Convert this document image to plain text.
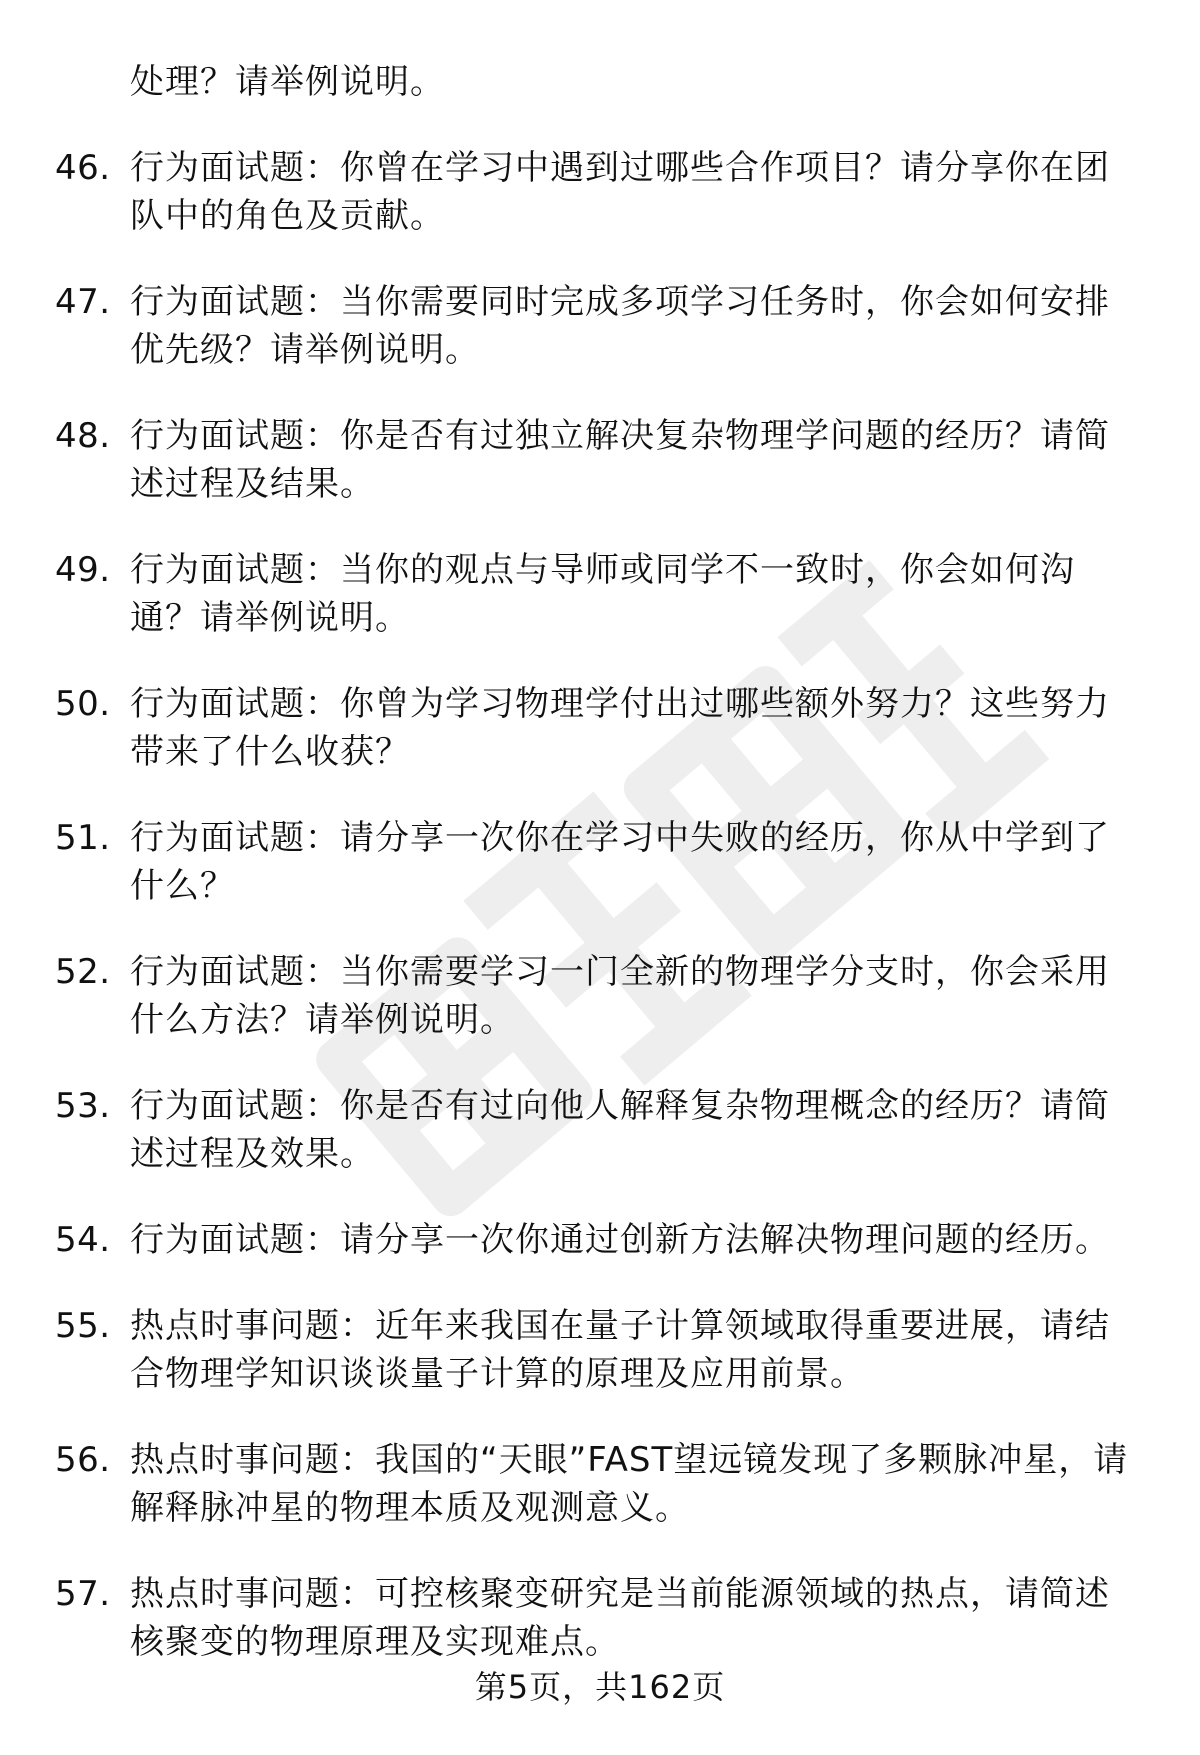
处理？请举例说明。
46. 行为面试题：你曾在学习中遇到过哪些合作项目？请分享你在团队中的角色及贡献。
47. 行为面试题：当你需要同时完成多项学习任务时，你会如何安排优先级？请举例说明。
48. 行为面试题：你是否有过独立解决复杂物理学问题的经历？请简述过程及结果。
49. 行为面试题：当你的观点与导师或同学不一致时，你会如何沟通？请举例说明。
50. 行为面试题：你曾为学习物理学付出过哪些额外努力？这些努力带来了什么收获？
51. 行为面试题：请分享一次你在学习中失败的经历，你从中学到了什么？
52. 行为面试题：当你需要学习一门全新的物理学分支时，你会采用什么方法？请举例说明。
53. 行为面试题：你是否有过向他人解释复杂物理概念的经历？请简述过程及效果。
54. 行为面试题：请分享一次你通过创新方法解决物理问题的经历。
55. 热点时事问题：近年来我国在量子计算领域取得重要进展，请结合物理学知识谈谈量子计算的原理及应用前景。
56. 热点时事问题：我国的“天眼”FAST望远镜发现了多颗脉冲星，请解释脉冲星的物理本质及观测意义。
57. 热点时事问题：可控核聚变研究是当前能源领域的热点，请简述核聚变的物理原理及实现难点。
第5页，共162页
